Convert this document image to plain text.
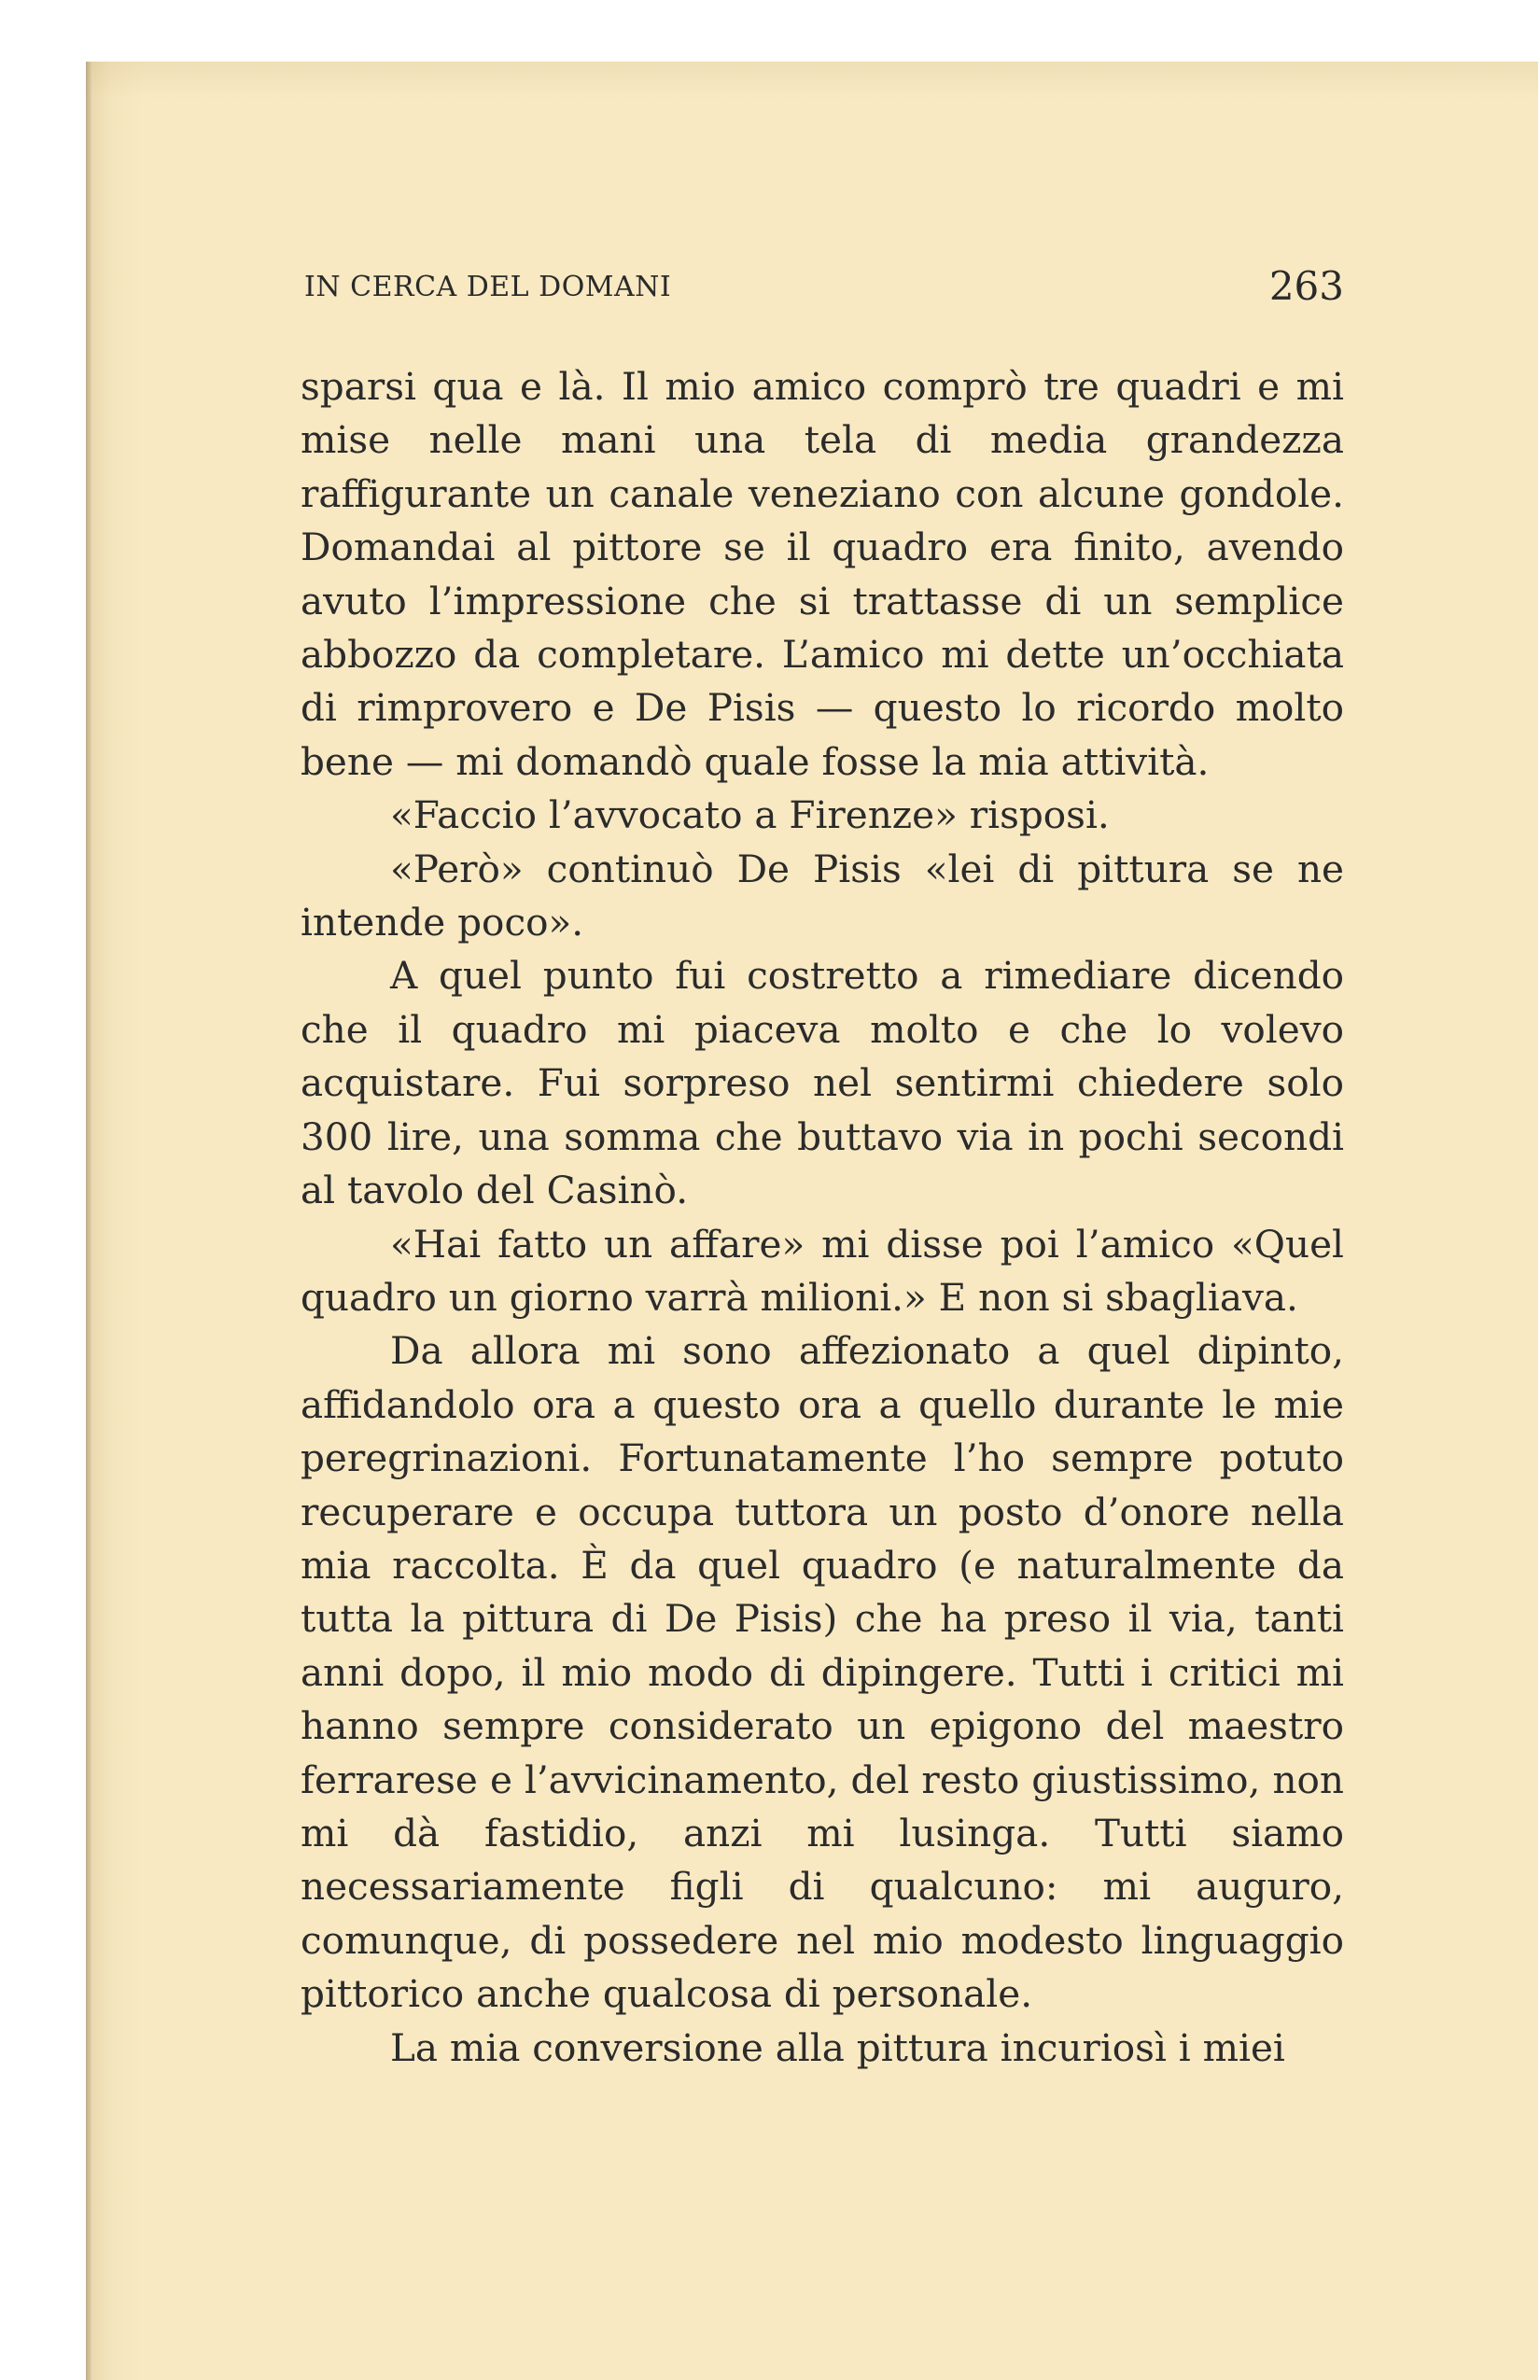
IN CERCA DEL DOMANI	263

sparsi qua e là. Il mio amico comprò tre quadri e mi mise nelle mani una tela di media grandezza raffigurante un canale veneziano con alcune gondole. Domandai al pittore se il quadro era finito, avendo avuto l’impressione che si trattasse di un semplice abbozzo da completare. L’amico mi dette un’occhiata di rimprovero e De Pisis — questo lo ricordo molto bene — mi domandò quale fosse la mia attività.

«Faccio l’avvocato a Firenze» risposi.

«Però» continuò De Pisis «lei di pittura se ne intende poco».

A quel punto fui costretto a rimediare dicendo che il quadro mi piaceva molto e che lo volevo acquistare. Fui sorpreso nel sentirmi chiedere solo 300 lire, una somma che buttavo via in pochi secondi al tavolo del Casinò.

«Hai fatto un affare» mi disse poi l’amico «Quel quadro un giorno varrà milioni.» E non si sbagliava.

Da allora mi sono affezionato a quel dipinto, affidandolo ora a questo ora a quello durante le mie peregrinazioni. Fortunatamente l’ho sempre potuto recuperare e occupa tuttora un posto d’onore nella mia raccolta. È da quel quadro (e naturalmente da tutta la pittura di De Pisis) che ha preso il via, tanti anni dopo, il mio modo di dipingere. Tutti i critici mi hanno sempre considerato un epigono del maestro ferrarese e l’avvicinamento, del resto giustissimo, non mi dà fastidio, anzi mi lusinga. Tutti siamo necessariamente figli di qualcuno: mi auguro, comunque, di possedere nel mio modesto linguaggio pittorico anche qualcosa di personale.

La mia conversione alla pittura incuriosì i miei
